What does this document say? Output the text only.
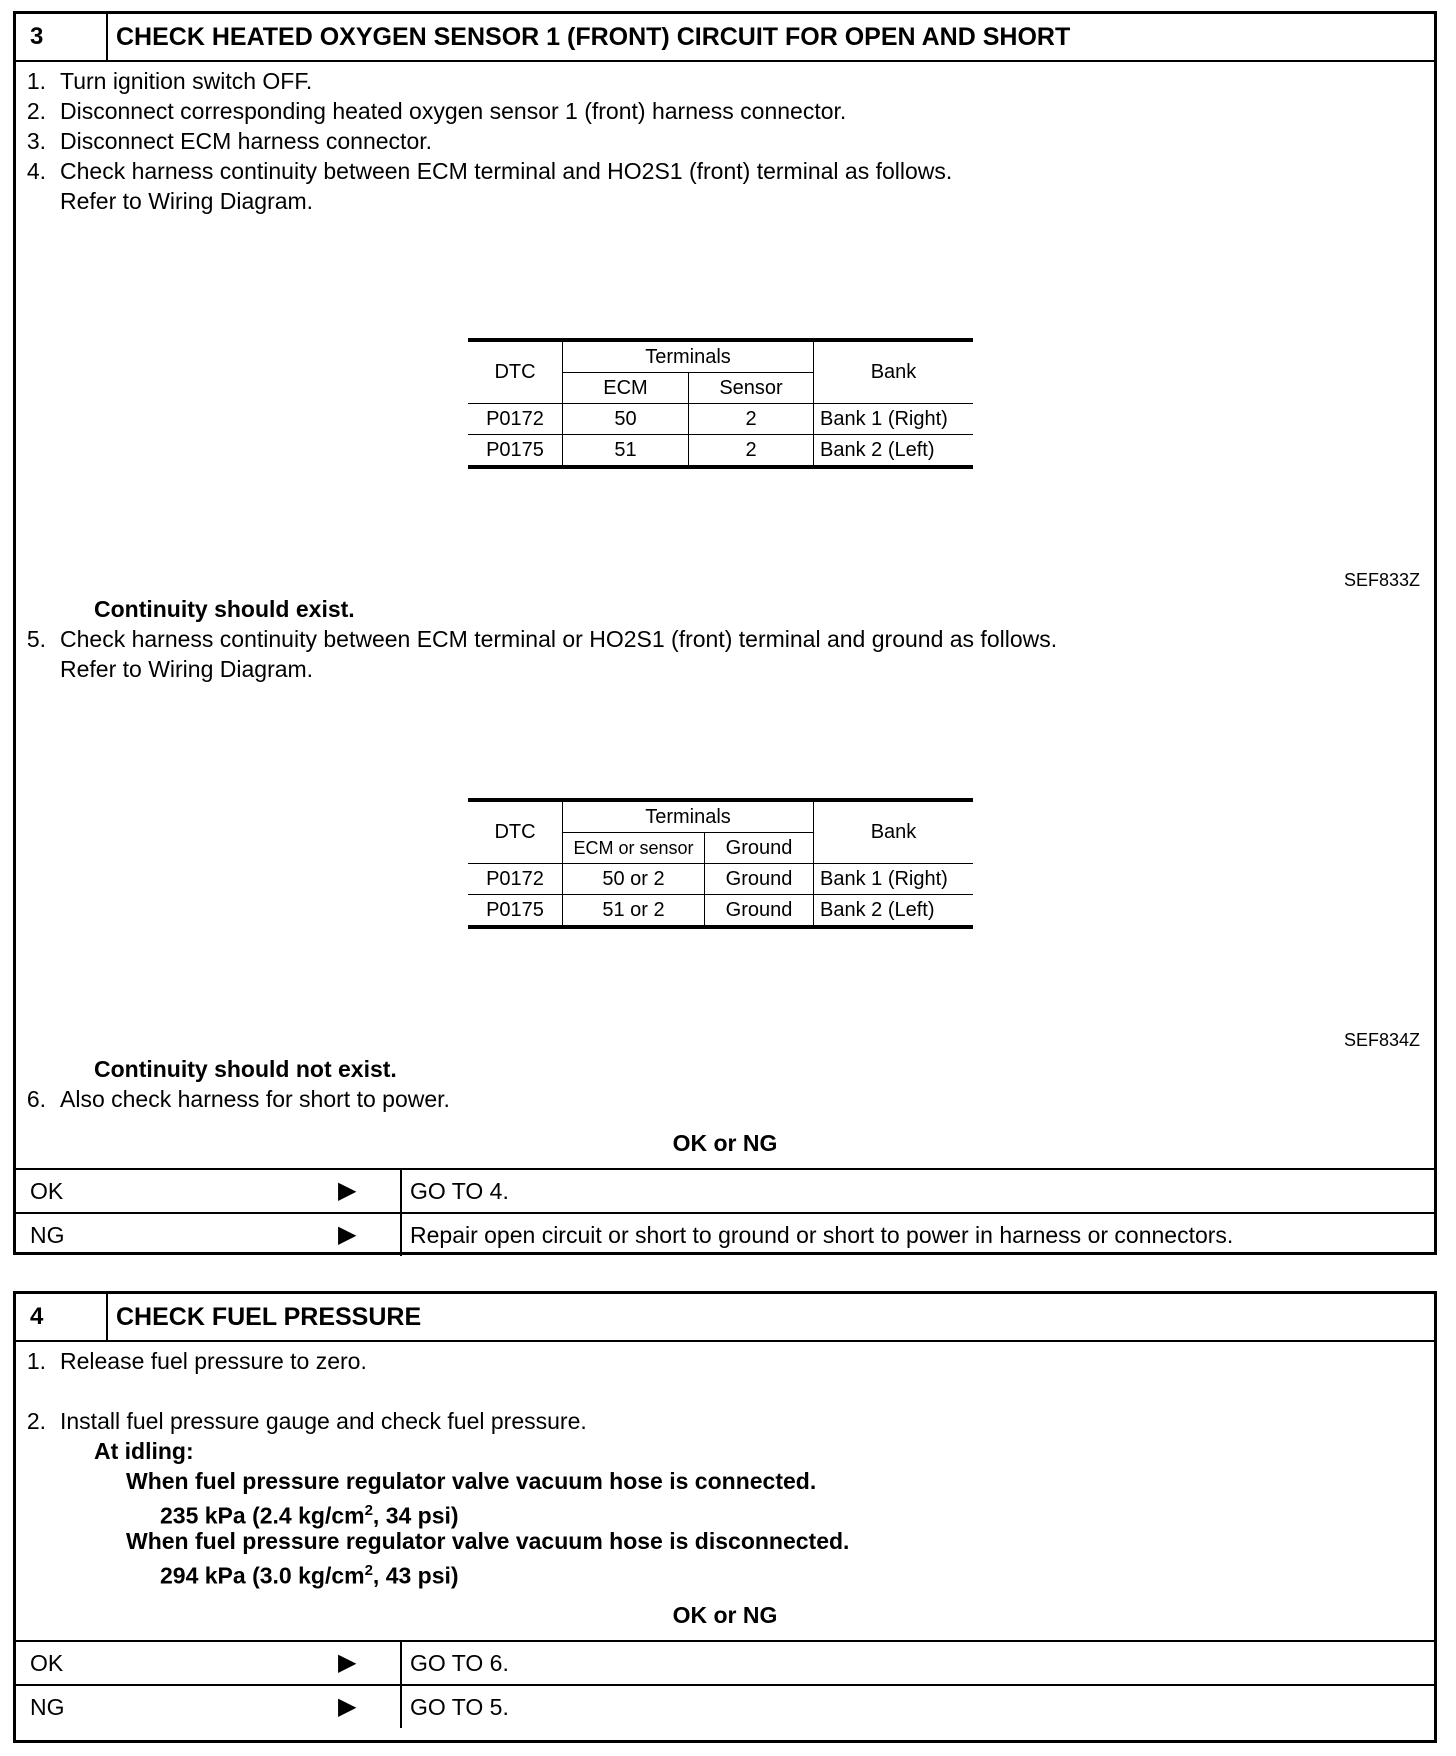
3	CHECK HEATED OXYGEN SENSOR 1 (FRONT) CIRCUIT FOR OPEN AND SHORT
1. Turn ignition switch OFF.
2. Disconnect corresponding heated oxygen sensor 1 (front) harness connector.
3. Disconnect ECM harness connector.
4. Check harness continuity between ECM terminal and HO2S1 (front) terminal as follows.
Refer to Wiring Diagram.
DTC	Terminals		Bank
	ECM	Sensor	
P0172	50	2	Bank 1 (Right)
P0175	51	2	Bank 2 (Left)
SEF833Z
Continuity should exist.
5. Check harness continuity between ECM terminal or HO2S1 (front) terminal and ground as follows.
Refer to Wiring Diagram.
DTC	Terminals		Bank
	ECM or sensor	Ground	
P0172	50 or 2	Ground	Bank 1 (Right)
P0175	51 or 2	Ground	Bank 2 (Left)
SEF834Z
Continuity should not exist.
6. Also check harness for short to power.
OK or NG
OK	▶ GO TO 4.
NG	▶ Repair open circuit or short to ground or short to power in harness or connectors.
4	CHECK FUEL PRESSURE
1. Release fuel pressure to zero.
2. Install fuel pressure gauge and check fuel pressure.
At idling:
When fuel pressure regulator valve vacuum hose is connected.
235 kPa (2.4 $kg/cm^2$, 34 psi)
When fuel pressure regulator valve vacuum hose is disconnected.
294 kPa (3.0 $kg/cm^2$, 43 psi)
OK or NG
OK	▶ GO TO 6.
NG	▶ GO TO 5.
